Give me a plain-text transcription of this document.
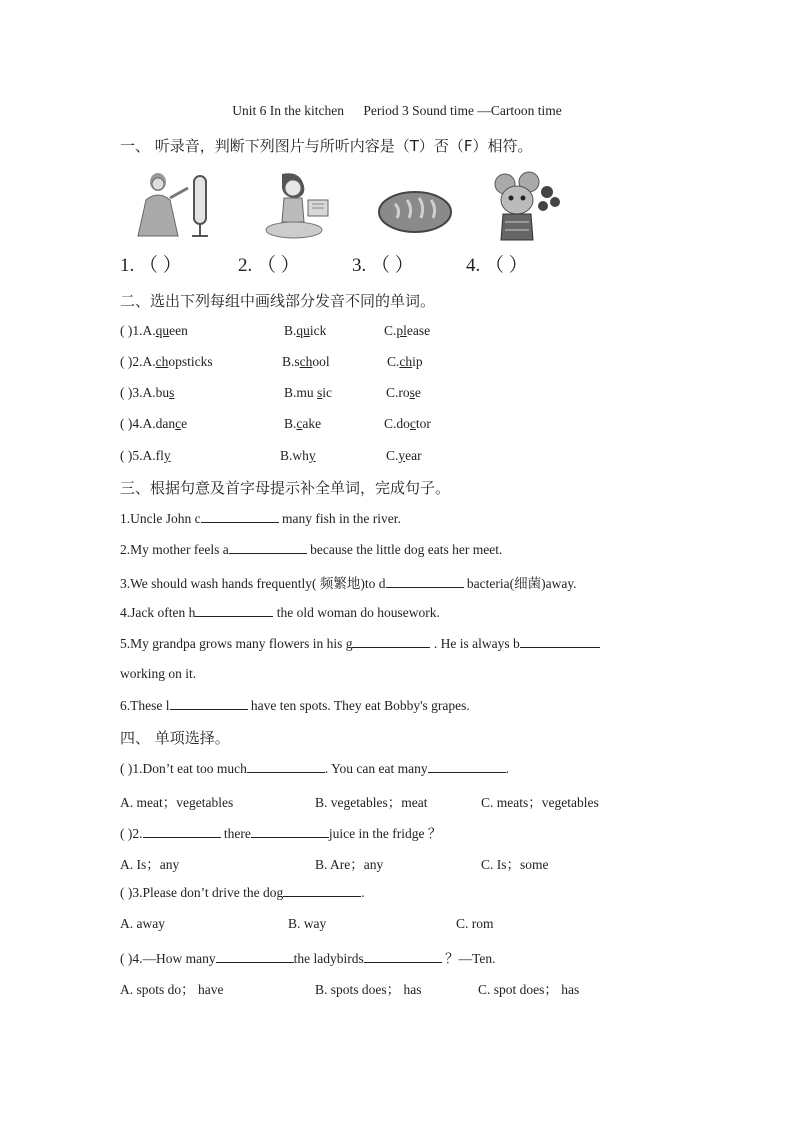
Unit 6 In the kitchen Period 3 Sound time —Cartoon time
一、 听录音，判断下列图片与所听内容是（T）否（F）相符。
1. （ ）	2. （ ）	3. （ ）	4. （ ）
二、选出下列每组中画线部分发音不同的单词。
( )1.A.queen	B.quick	C.please
( )2.A.chopsticks	B.school	C.chip
( )3.A.bus	B.mu sic	C.rose
( )4.A.dance	B.cake	C.doctor
( )5.A.fly	B.why	C.year
三、根据句意及首字母提示补全单词，完成句子。
1.Uncle John c	many fish in the river.
2.My mother feels a	because the little dog eats her meet.
3.We should wash hands frequently( 频繁地)to d	bacteria(细菌)away.
4.Jack often h	the old woman do housework.
5.My grandpa grows many flowers in his g	. He is always b
working on it.
6.These l	have ten spots. They eat Bobby's grapes.
四、 单项选择。
( )1.Don’t eat too much	. You can eat many	.
A. meat；vegetables	B. vegetables；meat	C. meats；vegetables
( )2.	there	juice in the fridge ？
A. Is；any	B. Are；any	C. Is；some
( )3.Please don’t drive the dog	.
A. away	B. way	C. rom
( )4.—How many	the ladybirds	？—Ten.
A. spots do； have	B. spots does； has	C. spot does； has
